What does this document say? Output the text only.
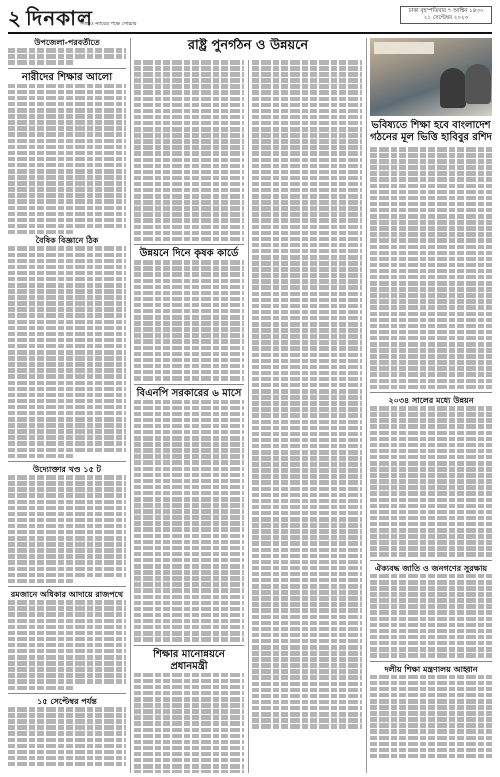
২ দিনকাল
সত্য ও ন্যায়ের পক্ষে সোচ্চার
ঢাকা বৃহস্পতিবার ৭ আশ্বিন ১৪৩০
২১ সেপ্টেম্বর ২০২৩
উপজেলা-পরবর্তীতে
নারীদের শিক্ষার আলো
বৈষিক বিজ্ঞানে ঠিক
উদ্যোক্তার খণ্ড ১৫ ট
রমজানে অধিকার আদায়ে রাজপথে
১৫ সেপ্টেম্বর পর্যন্ত
রাষ্ট্র পুনর্গঠন ও উন্নয়নে
উন্নয়নে দিনে কৃষক কার্ডে
বিএনপি সরকারের ৬ মাসে
শিক্ষার মানোন্নয়নে প্রধানমন্ত্রী
ভবিষ্যতে শিক্ষা হবে বাংলাদেশ গঠনের মূল ভিত্তি হাবিবুর রশিদ
২০৩৪ সালের মধ্যে উন্নয়ন
ঐক্যবদ্ধ জাতি ও জনগণের সুরক্ষায়
দলীয় শিক্ষা মন্ত্রণালয় আহ্বান
